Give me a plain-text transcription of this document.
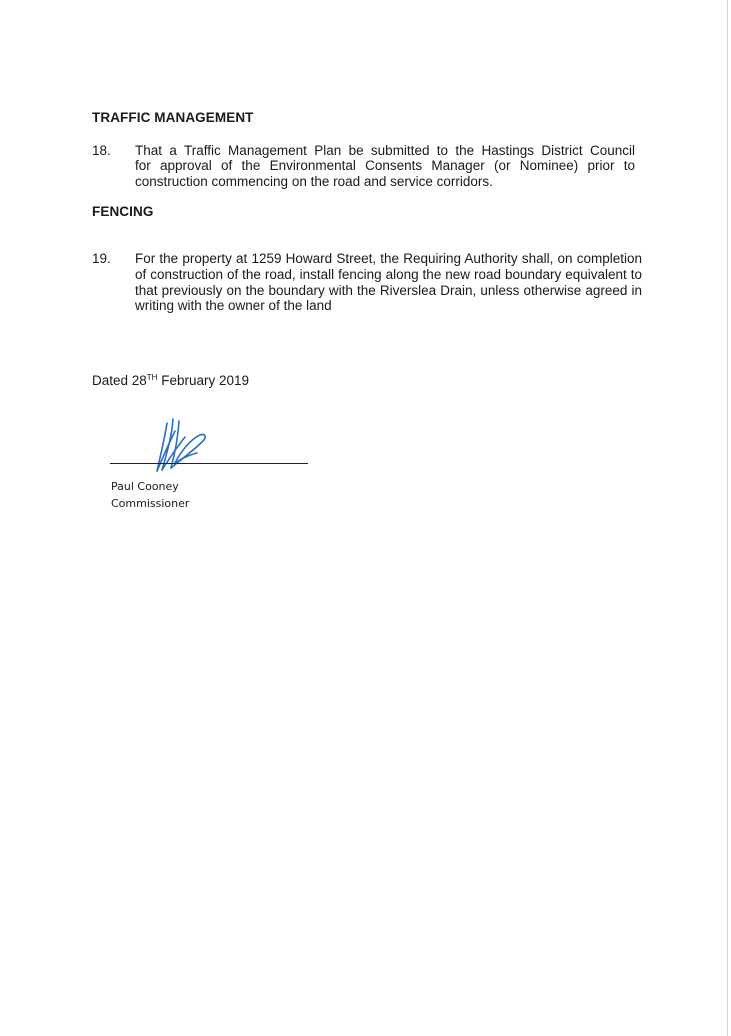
TRAFFIC MANAGEMENT
18. That a Traffic Management Plan be submitted to the Hastings District Council
for approval of the Environmental Consents Manager (or Nominee) prior to
construction commencing on the road and service corridors.
FENCING
19. For the property at 1259 Howard Street, the Requiring Authority shall, on completion
of construction of the road, install fencing along the new road boundary equivalent to
that previously on the boundary with the Riverslea Drain, unless otherwise agreed in
writing with the owner of the land
Dated 28TH February 2019
Paul Cooney
Commissioner
